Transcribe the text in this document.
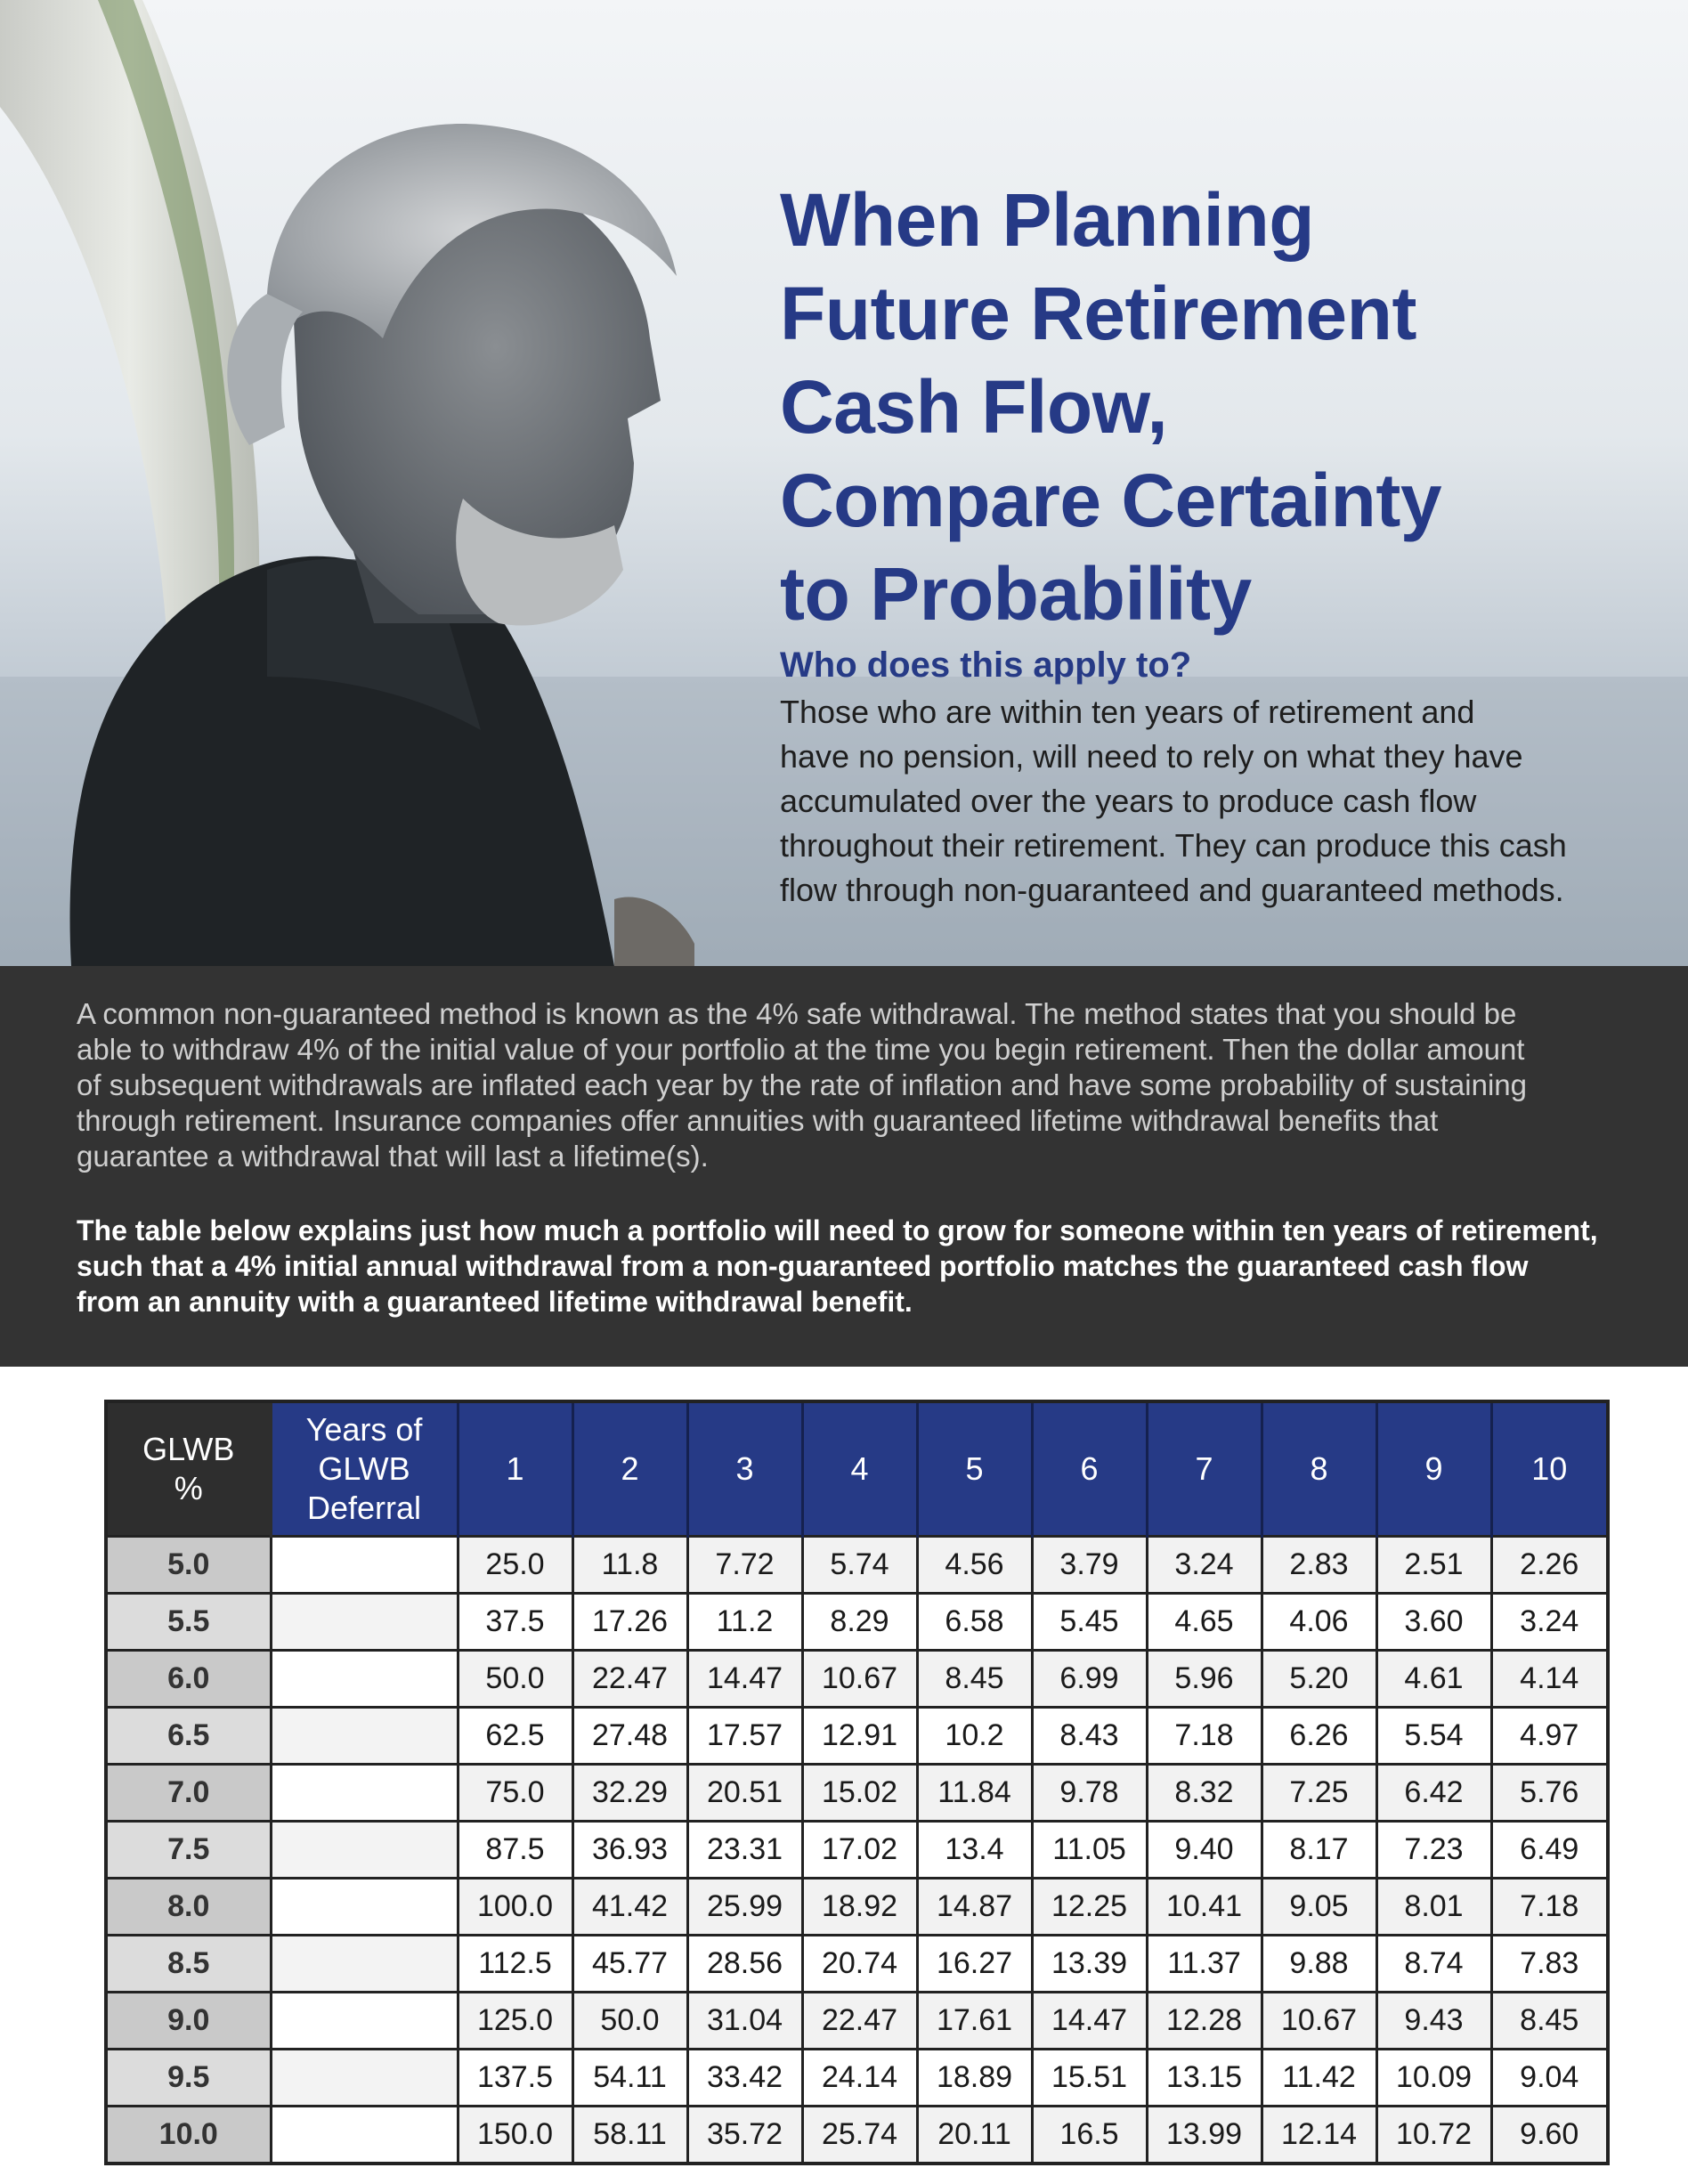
When Planning
Future Retirement
Cash Flow,
Compare Certainty
to Probability
Who does this apply to?

Those who are within ten years of retirement and
have no pension, will need to rely on what they have
accumulated over the years to produce cash flow
throughout their retirement. They can produce this cash
flow through non-guaranteed and guaranteed methods.

A common non-guaranteed method is known as the 4% safe withdrawal. The method states that you should be
able to withdraw 4% of the initial value of your portfolio at the time you begin retirement. Then the dollar amount
of subsequent withdrawals are inflated each year by the rate of inflation and have some probability of sustaining
through retirement. Insurance companies offer annuities with guaranteed lifetime withdrawal benefits that
guarantee a withdrawal that will last a lifetime(s).

The table below explains just how much a portfolio will need to grow for someone within ten years of retirement,
such that a 4% initial annual withdrawal from a non-guaranteed portfolio matches the guaranteed cash flow
from an annuity with a guaranteed lifetime withdrawal benefit.

GLWB
%	Years of
GLWB
Deferral	1	2	3	4	5	6	7	8	9	10
5.0		25.0	11.8	7.72	5.74	4.56	3.79	3.24	2.83	2.51	2.26
5.5		37.5	17.26	11.2	8.29	6.58	5.45	4.65	4.06	3.60	3.24
6.0		50.0	22.47	14.47	10.67	8.45	6.99	5.96	5.20	4.61	4.14
6.5		62.5	27.48	17.57	12.91	10.2	8.43	7.18	6.26	5.54	4.97
7.0		75.0	32.29	20.51	15.02	11.84	9.78	8.32	7.25	6.42	5.76
7.5		87.5	36.93	23.31	17.02	13.4	11.05	9.40	8.17	7.23	6.49
8.0		100.0	41.42	25.99	18.92	14.87	12.25	10.41	9.05	8.01	7.18
8.5		112.5	45.77	28.56	20.74	16.27	13.39	11.37	9.88	8.74	7.83
9.0		125.0	50.0	31.04	22.47	17.61	14.47	12.28	10.67	9.43	8.45
9.5		137.5	54.11	33.42	24.14	18.89	15.51	13.15	11.42	10.09	9.04
10.0		150.0	58.11	35.72	25.74	20.11	16.5	13.99	12.14	10.72	9.60
